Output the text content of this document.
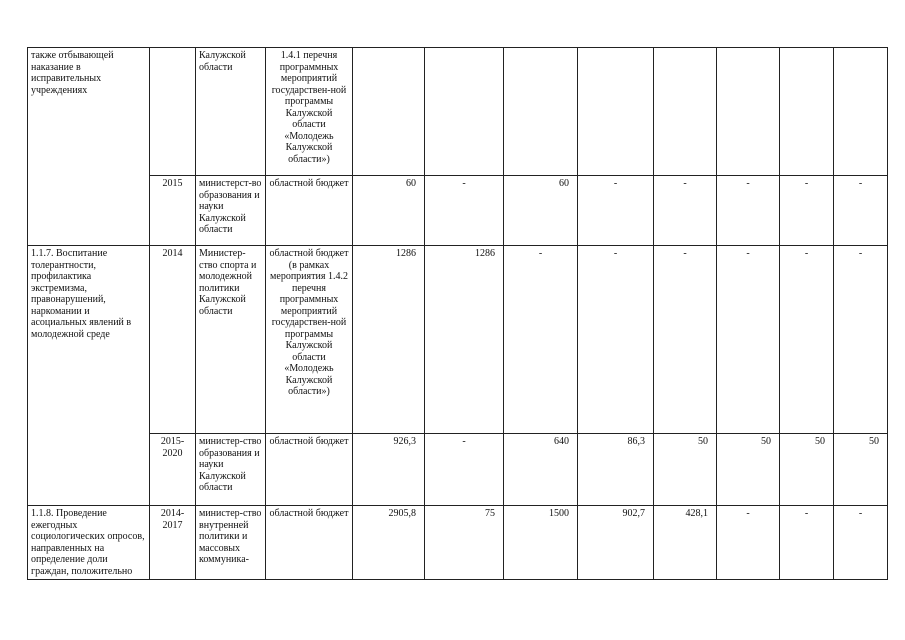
также отбывающей наказание в исправительных учреждениях		Калужской области	1.4.1 перечня программных мероприятий государствен-ной программы Калужской области «Молодежь Калужской области»)								
	2015	министерст-во образования и науки Калужской области	областной бюджет	60	-	60	-	-	-	-	-
1.1.7. Воспитание толерантности, профилактика экстремизма, правонарушений, наркомании и асоциальных явлений в молодежной среде	2014	Министер-ство спорта и молодежной политики Калужской области	областной бюджет (в рамках мероприятия 1.4.2 перечня программных мероприятий государствен-ной программы Калужской области «Молодежь Калужской области»)	1286	1286	-	-	-	-	-	-
	2015-2020	министер-ство образования и науки Калужской области	областной бюджет	926,3	-	640	86,3	50	50	50	50
1.1.8. Проведение ежегодных социологических опросов, направленных на определение доли граждан, положительно	2014-2017	министер-ство внутренней политики и массовых коммуника-	областной бюджет	2905,8	75	1500	902,7	428,1	-	-	-
